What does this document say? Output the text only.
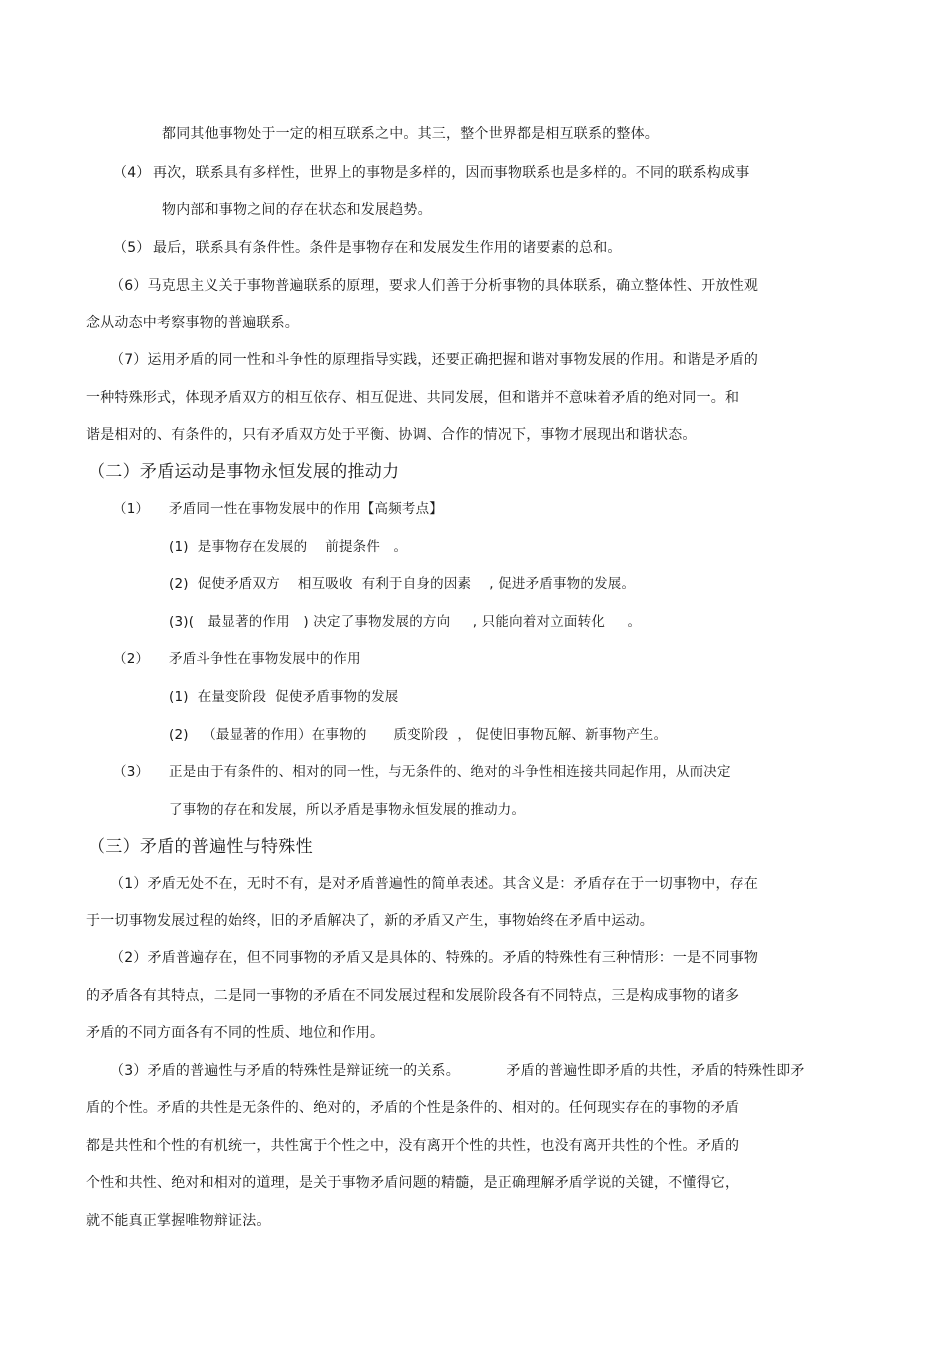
都同其他事物处于一定的相互联系之中。其三，整个世界都是相互联系的整体。
（4） 再次，联系具有多样性，世界上的事物是多样的，因而事物联系也是多样的。不同的联系构成事
物内部和事物之间的存在状态和发展趋势。
（5） 最后，联系具有条件性。条件是事物存在和发展发生作用的诸要素的总和。
（6）马克思主义关于事物普遍联系的原理，要求人们善于分析事物的具体联系，确立整体性、开放性观
念从动态中考察事物的普遍联系。
（7）运用矛盾的同一性和斗争性的原理指导实践，还要正确把握和谐对事物发展的作用。和谐是矛盾的
一种特殊形式，体现矛盾双方的相互依存、相互促进、共同发展，但和谐并不意味着矛盾的绝对同一。和
谐是相对的、有条件的，只有矛盾双方处于平衡、协调、合作的情况下，事物才展现出和谐状态。
（二）矛盾运动是事物永恒发展的推动力
（1） 矛盾同一性在事物发展中的作用【高频考点】
(1)  是事物存在发展的    前提条件   。
(2)  促使矛盾双方    相互吸收  有利于自身的因素    , 促进矛盾事物的发展。
(3)(   最显著的作用   ) 决定了事物发展的方向     , 只能向着对立面转化     。
（2） 矛盾斗争性在事物发展中的作用
(1)  在量变阶段  促使矛盾事物的发展
(2)   （最显著的作用）在事物的      质变阶段  ， 促使旧事物瓦解、新事物产生。
（3） 正是由于有条件的、相对的同一性，与无条件的、绝对的斗争性相连接共同起作用，从而决定
了事物的存在和发展，所以矛盾是事物永恒发展的推动力。
（三）矛盾的普遍性与特殊性
（1）矛盾无处不在，无时不有，是对矛盾普遍性的简单表述。其含义是：矛盾存在于一切事物中，存在
于一切事物发展过程的始终，旧的矛盾解决了，新的矛盾又产生，事物始终在矛盾中运动。
（2）矛盾普遍存在，但不同事物的矛盾又是具体的、特殊的。矛盾的特殊性有三种情形：一是不同事物
的矛盾各有其特点，二是同一事物的矛盾在不同发展过程和发展阶段各有不同特点，三是构成事物的诸多
矛盾的不同方面各有不同的性质、地位和作用。
（3）矛盾的普遍性与矛盾的特殊性是辩证统一的关系。          矛盾的普遍性即矛盾的共性，矛盾的特殊性即矛
盾的个性。矛盾的共性是无条件的、绝对的，矛盾的个性是条件的、相对的。任何现实存在的事物的矛盾
都是共性和个性的有机统一，共性寓于个性之中，没有离开个性的共性，也没有离开共性的个性。矛盾的
个性和共性、绝对和相对的道理，是关于事物矛盾问题的精髓，是正确理解矛盾学说的关键，不懂得它，
就不能真正掌握唯物辩证法。
